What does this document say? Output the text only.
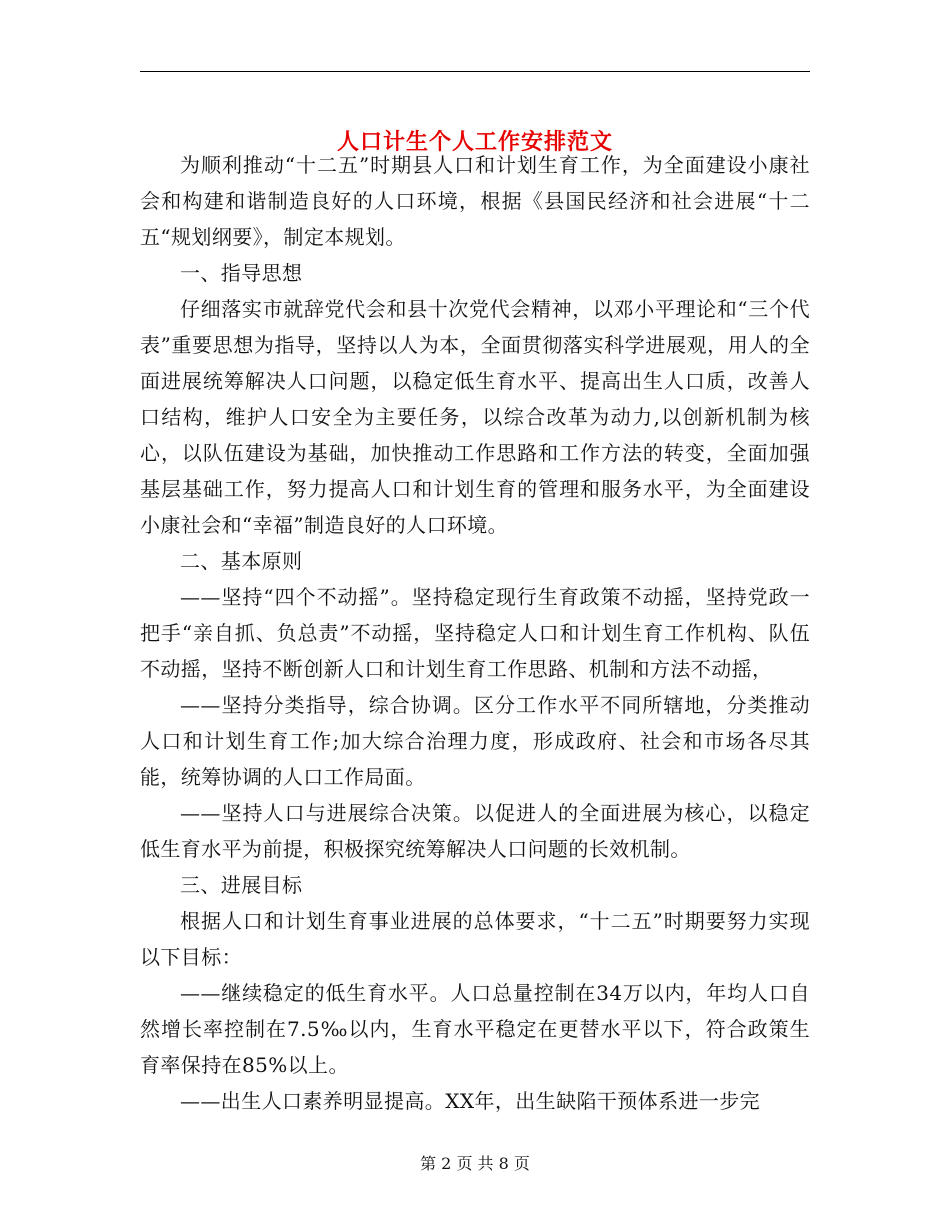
人口计生个人工作安排范文

为顺利推动“十二五”时期县人口和计划生育工作，为全面建设小康社会和构建和谐制造良好的人口环境，根据《县国民经济和社会进展“十二五“规划纲要》，制定本规划。

一、指导思想

仔细落实市就辞党代会和县十次党代会精神，以邓小平理论和“三个代表”重要思想为指导，坚持以人为本，全面贯彻落实科学进展观，用人的全面进展统筹解决人口问题，以稳定低生育水平、提高出生人口质，改善人口结构，维护人口安全为主要任务，以综合改革为动力,以创新机制为核心，以队伍建设为基础，加快推动工作思路和工作方法的转变，全面加强基层基础工作，努力提高人口和计划生育的管理和服务水平，为全面建设小康社会和“幸福”制造良好的人口环境。

二、基本原则

——坚持“四个不动摇”。坚持稳定现行生育政策不动摇，坚持党政一把手“亲自抓、负总责”不动摇，坚持稳定人口和计划生育工作机构、队伍不动摇，坚持不断创新人口和计划生育工作思路、机制和方法不动摇，

——坚持分类指导，综合协调。区分工作水平不同所辖地，分类推动人口和计划生育工作;加大综合治理力度，形成政府、社会和市场各尽其能，统筹协调的人口工作局面。

——坚持人口与进展综合决策。以促进人的全面进展为核心，以稳定低生育水平为前提，积极探究统筹解决人口问题的长效机制。

三、进展目标

根据人口和计划生育事业进展的总体要求，“十二五”时期要努力实现以下目标：

——继续稳定的低生育水平。人口总量控制在34万以内，年均人口自然增长率控制在7.5‰以内，生育水平稳定在更替水平以下，符合政策生育率保持在85%以上。

——出生人口素养明显提高。XX年，出生缺陷干预体系进一步完

第 2 页 共 8 页
